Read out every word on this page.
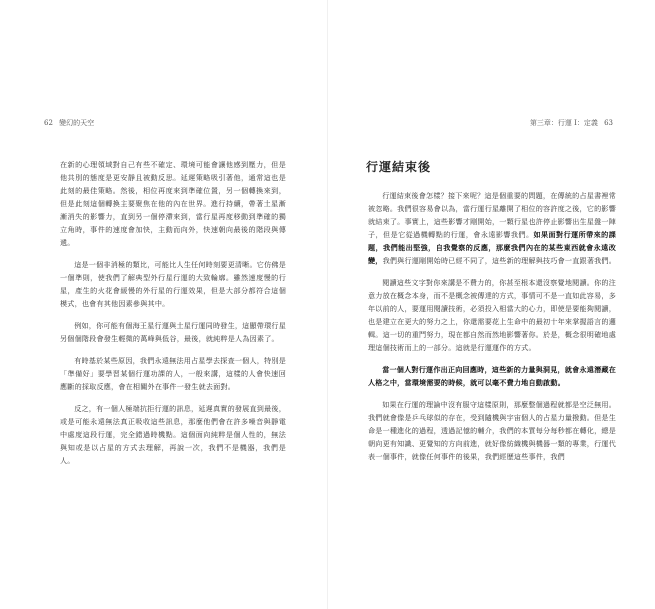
62 變幻的天空

在新的心理領域對自己有些不確定、環境可能會讓他感到壓力，但是他共別的態度是更安靜且被動反思。延遲策略吸引著他，通常這也是此刻的最佳策略。然後，相位再度來到準確位置，另一個轉換來到，但是此刻這個轉換主要聚焦在他的內在世界。進行持續，帶著土星漸漸消失的影響力，直到另一個停滯來到，當行星再度移動到準確的獨立角時，事件的速度會加快，主動而向外，快速朝向最後的階段與傳遞。

這是一個非消極的類比，可能比人生任何時刻要更清晰。它仿佛是一個準則，使我們了解典型外行星行運的大致輪廓。雖然速度慢的行星，產生的火花會緩慢的外行星的行運效果，但是大部分都符合這個模式，也會有其他因素參與其中。

例如，你可能有個海王星行運與土星行運同時發生，這顯帶環行星另個個階段會發生輕微的萬峰與低谷，最後，就純粹是人為因素了。

有時基於某些原因，我們永遠無法用占星學去探查一個人，特別是「準備好」要學習某個行運功課的人，一般來講，這樣的人會快速回應斷的採取反應，會在相關外在事件一發生就去面對。

反之，有一個人極端抗拒行運的訊息，延遲真實的發展直到最後，或是可能永遠無法真正吸收這些訊息，那麼他們會在許多噪音與靜電中處度這段行運，完全錯過時機點。這個面向純粹是個人性的，無法與知或是以占星的方式去理解，再說一次，我們不是機器，我們是人。

第三章：行運 I：定義 63
行運結束後

行運結束後會怎樣？接下來呢？這是個重要的問題，在傳統的占星書裡常被忽略。我們很容易會以為，當行運行星離開了相位的容許度之後，它的影響就結束了。事實上，這些影響才剛開始，一顆行星也許停止影響出生星盤一陣子，但是它從過機轉點的行運，會永遠影響我們。如果面對行運所帶來的課題，我們能出堅強，自我覺察的反應，那麼我們內在的某些東西就會永遠改變，我們與行運剛開始時已經不同了，這些新的理解與技巧會一直跟著我們。

閱讀這些文字對你來講是不費力的，你甚至根本還沒察覺地閱讀。你的注意力放在概念本身，而不是概念被傳達的方式，事情可不是一直如此容易，多年以前的人，要運用閱讀技術，必須投入相當大的心力，即使是要能夠閱讀，也是建立在更大的努力之上，你還需要花上生命中的最初十年來掌握語言的邏輯。這一切的重鬥努力，現在都自然而然地影響著你。於是，概念很明確地處理這個技術而上的一部分。這就是行運運作的方式。

當一個人對行運作出正向回應時，這些新的力量與洞見，就會永遠潛藏在人格之中，當環境需要的時候，就可以毫不費力地自動啟動。

如果在行運的理論中沒有服守這樣原則，那麼整個過程就都是空泛無用。我們就會像是乒乓球似的存在，受到隨機與宇宙個人的占星力量撥動。但是生命是一種進化的過程，透過記憶的輔介，我們的本質每分每秒都在轉化，總是朝向更有知識、更覺知的方向前進，就好像紡織機與機器一類的專業，行運代表一個事件，就像任何事件的後果，我們經歷這些事件，我們
